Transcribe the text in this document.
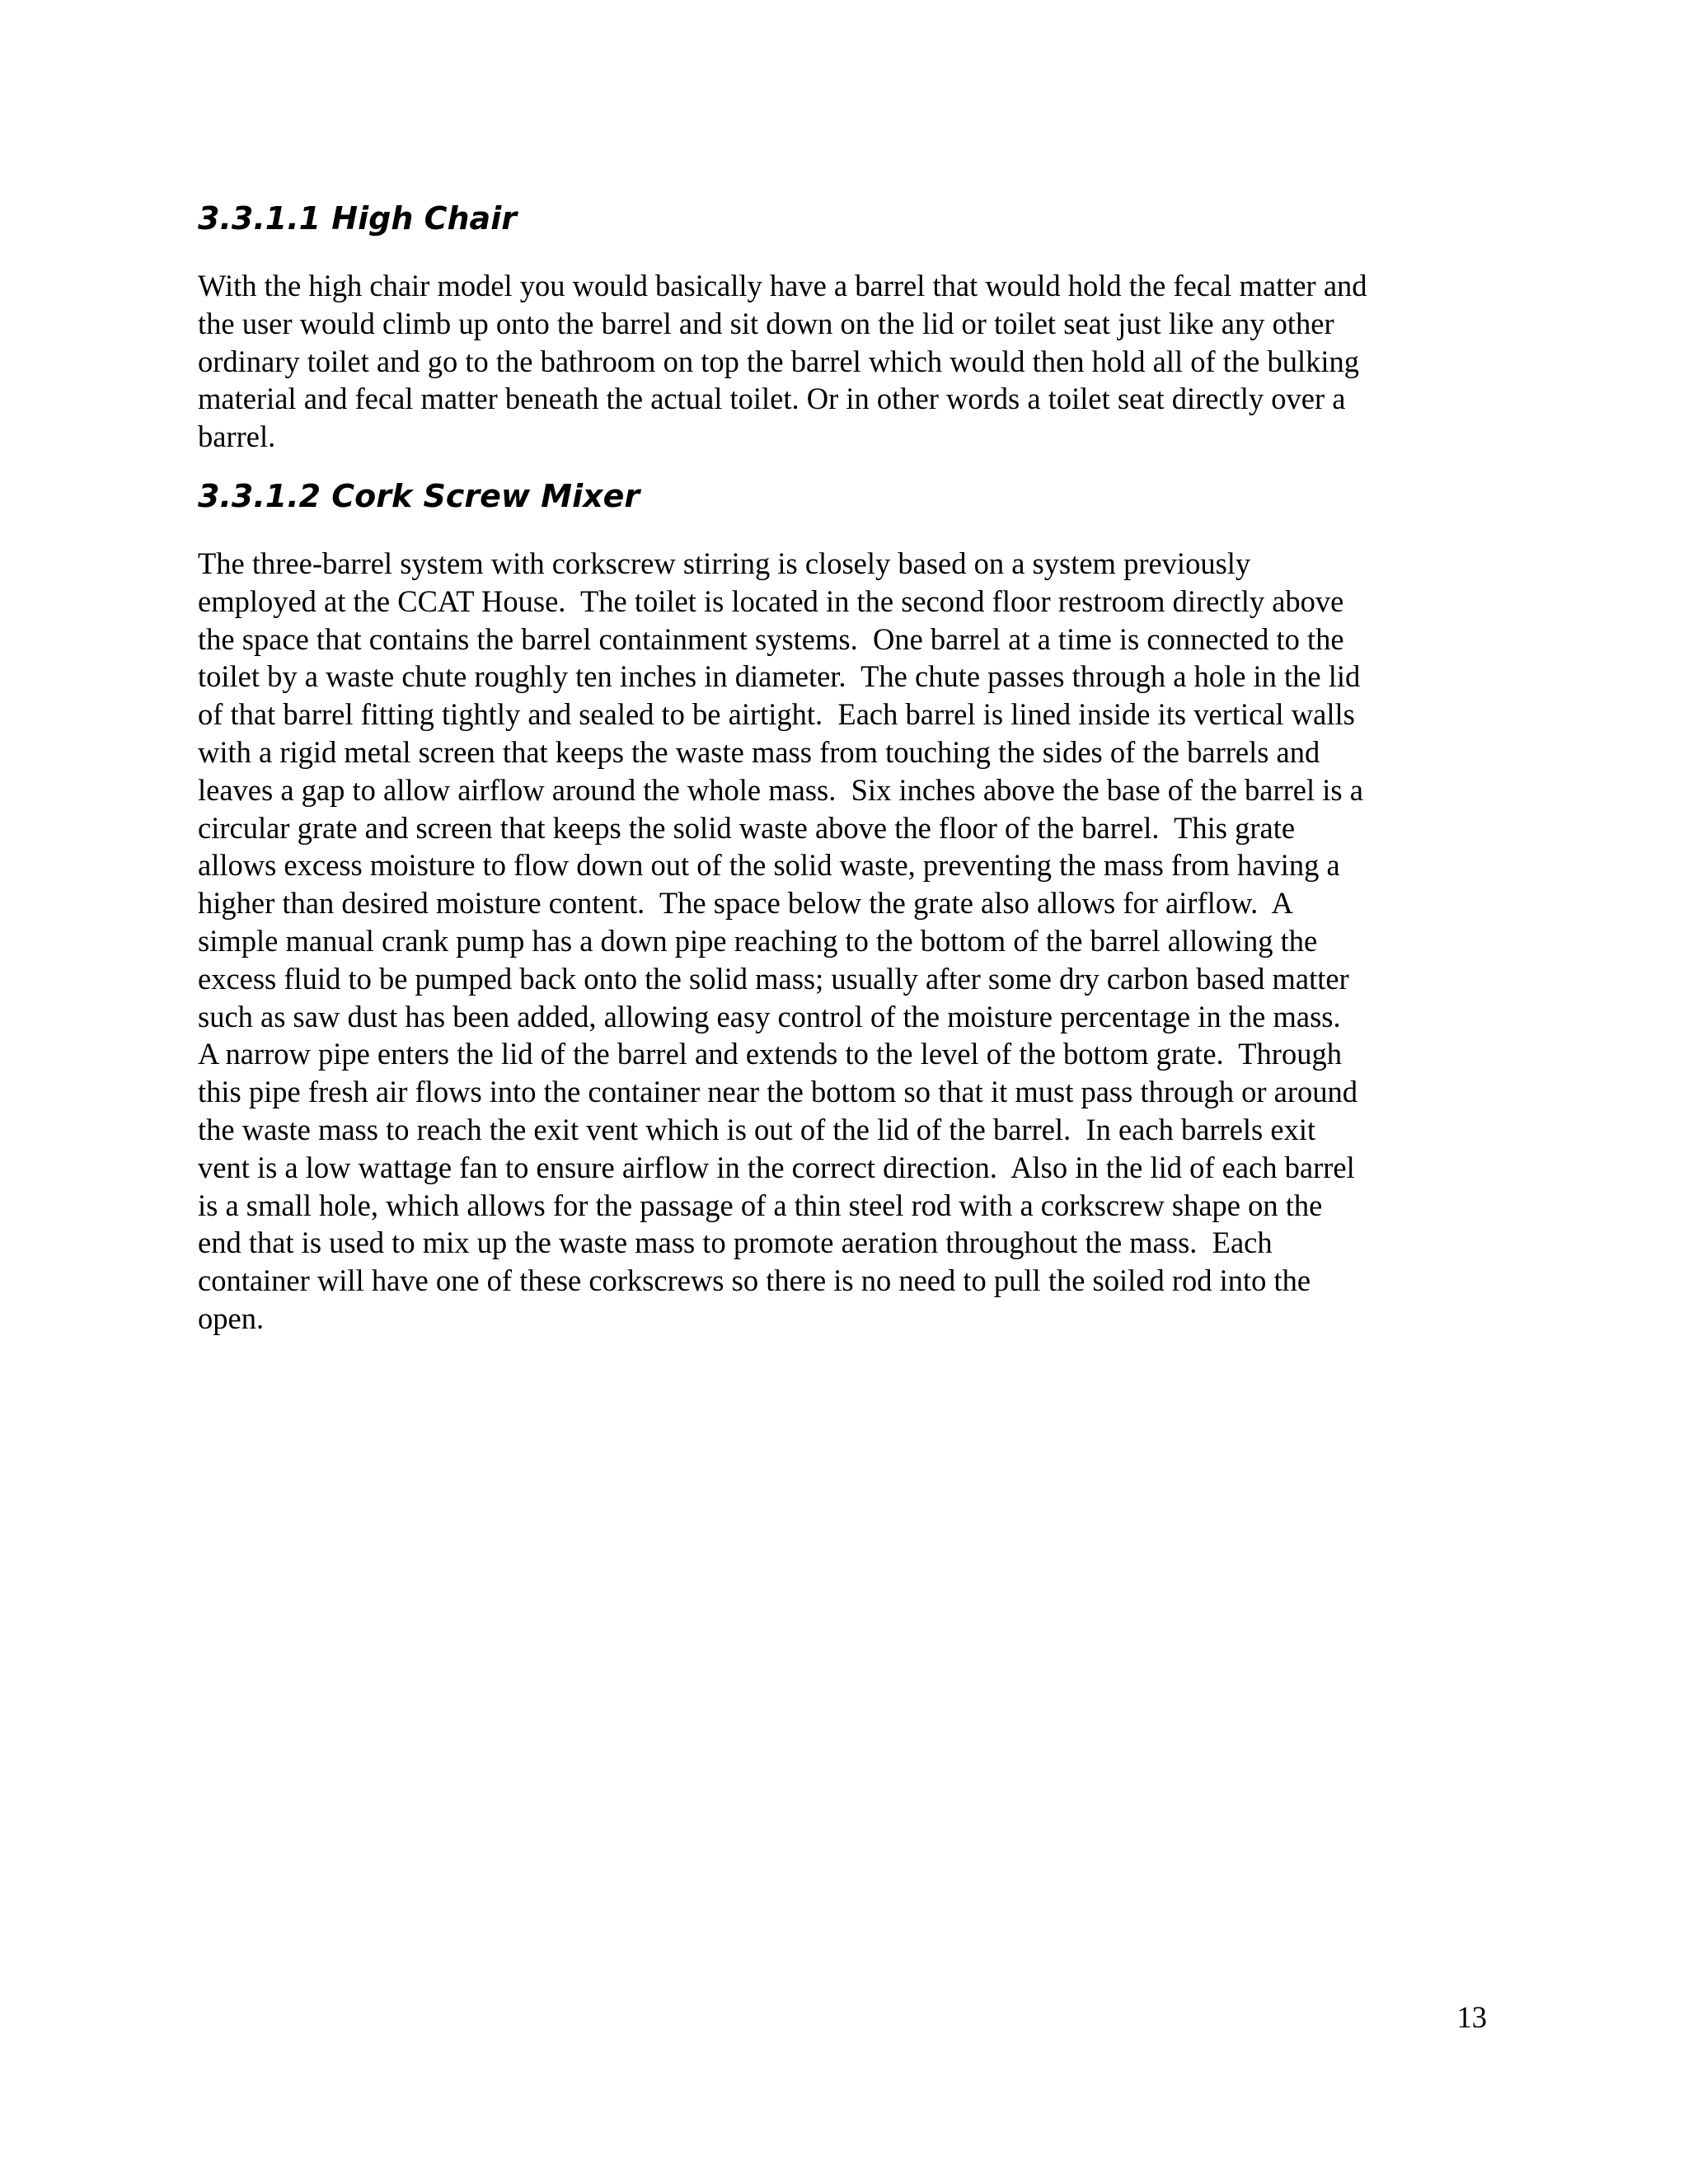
3.3.1.1 High Chair

With the high chair model you would basically have a barrel that would hold the fecal matter and
the user would climb up onto the barrel and sit down on the lid or toilet seat just like any other
ordinary toilet and go to the bathroom on top the barrel which would then hold all of the bulking
material and fecal matter beneath the actual toilet. Or in other words a toilet seat directly over a
barrel.

3.3.1.2 Cork Screw Mixer

The three-barrel system with corkscrew stirring is closely based on a system previously
employed at the CCAT House.  The toilet is located in the second floor restroom directly above
the space that contains the barrel containment systems.  One barrel at a time is connected to the
toilet by a waste chute roughly ten inches in diameter.  The chute passes through a hole in the lid
of that barrel fitting tightly and sealed to be airtight.  Each barrel is lined inside its vertical walls
with a rigid metal screen that keeps the waste mass from touching the sides of the barrels and
leaves a gap to allow airflow around the whole mass.  Six inches above the base of the barrel is a
circular grate and screen that keeps the solid waste above the floor of the barrel.  This grate
allows excess moisture to flow down out of the solid waste, preventing the mass from having a
higher than desired moisture content.  The space below the grate also allows for airflow.  A
simple manual crank pump has a down pipe reaching to the bottom of the barrel allowing the
excess fluid to be pumped back onto the solid mass; usually after some dry carbon based matter
such as saw dust has been added, allowing easy control of the moisture percentage in the mass.
A narrow pipe enters the lid of the barrel and extends to the level of the bottom grate.  Through
this pipe fresh air flows into the container near the bottom so that it must pass through or around
the waste mass to reach the exit vent which is out of the lid of the barrel.  In each barrels exit
vent is a low wattage fan to ensure airflow in the correct direction.  Also in the lid of each barrel
is a small hole, which allows for the passage of a thin steel rod with a corkscrew shape on the
end that is used to mix up the waste mass to promote aeration throughout the mass.  Each
container will have one of these corkscrews so there is no need to pull the soiled rod into the
open.

13
